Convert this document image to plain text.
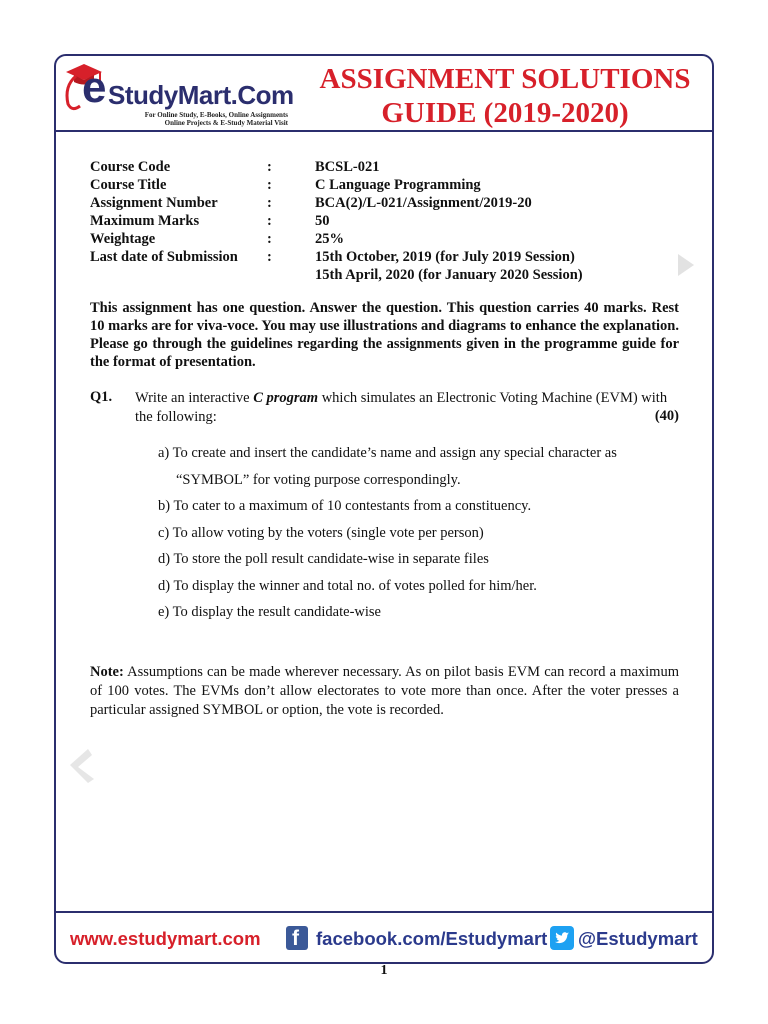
e StudyMart.Com
For Online Study, E-Books, Online Assignments
Online Projects & E-Study Material Visit
ASSIGNMENT SOLUTIONS
GUIDE (2019-2020)
Course Code	:	BCSL-021
Course Title	:	C Language Programming
Assignment Number	:	BCA(2)/L-021/Assignment/2019-20
Maximum Marks	:	50
Weightage	:	25%
Last date of Submission	:	15th October, 2019 (for July 2019 Session)
15th April, 2020 (for January 2020 Session)
This assignment has one question. Answer the question. This question carries 40 marks. Rest 10 marks are for viva-voce. You may use illustrations and diagrams to enhance the explanation. Please go through the guidelines regarding the assignments given in the programme guide for the format of presentation.
Q1. Write an interactive C program which simulates an Electronic Voting Machine (EVM) with the following:	(40)
a) To create and insert the candidate’s name and assign any special character as
“SYMBOL” for voting purpose correspondingly.
b) To cater to a maximum of 10 contestants from a constituency.
c) To allow voting by the voters (single vote per person)
d) To store the poll result candidate-wise in separate files
d) To display the winner and total no. of votes polled for him/her.
e) To display the result candidate-wise
Note: Assumptions can be made wherever necessary. As on pilot basis EVM can record a maximum of 100 votes. The EVMs don’t allow electorates to vote more than once. After the voter presses a particular assigned SYMBOL or option, the vote is recorded.
www.estudymart.com f facebook.com/Estudymart @Estudymart
1
